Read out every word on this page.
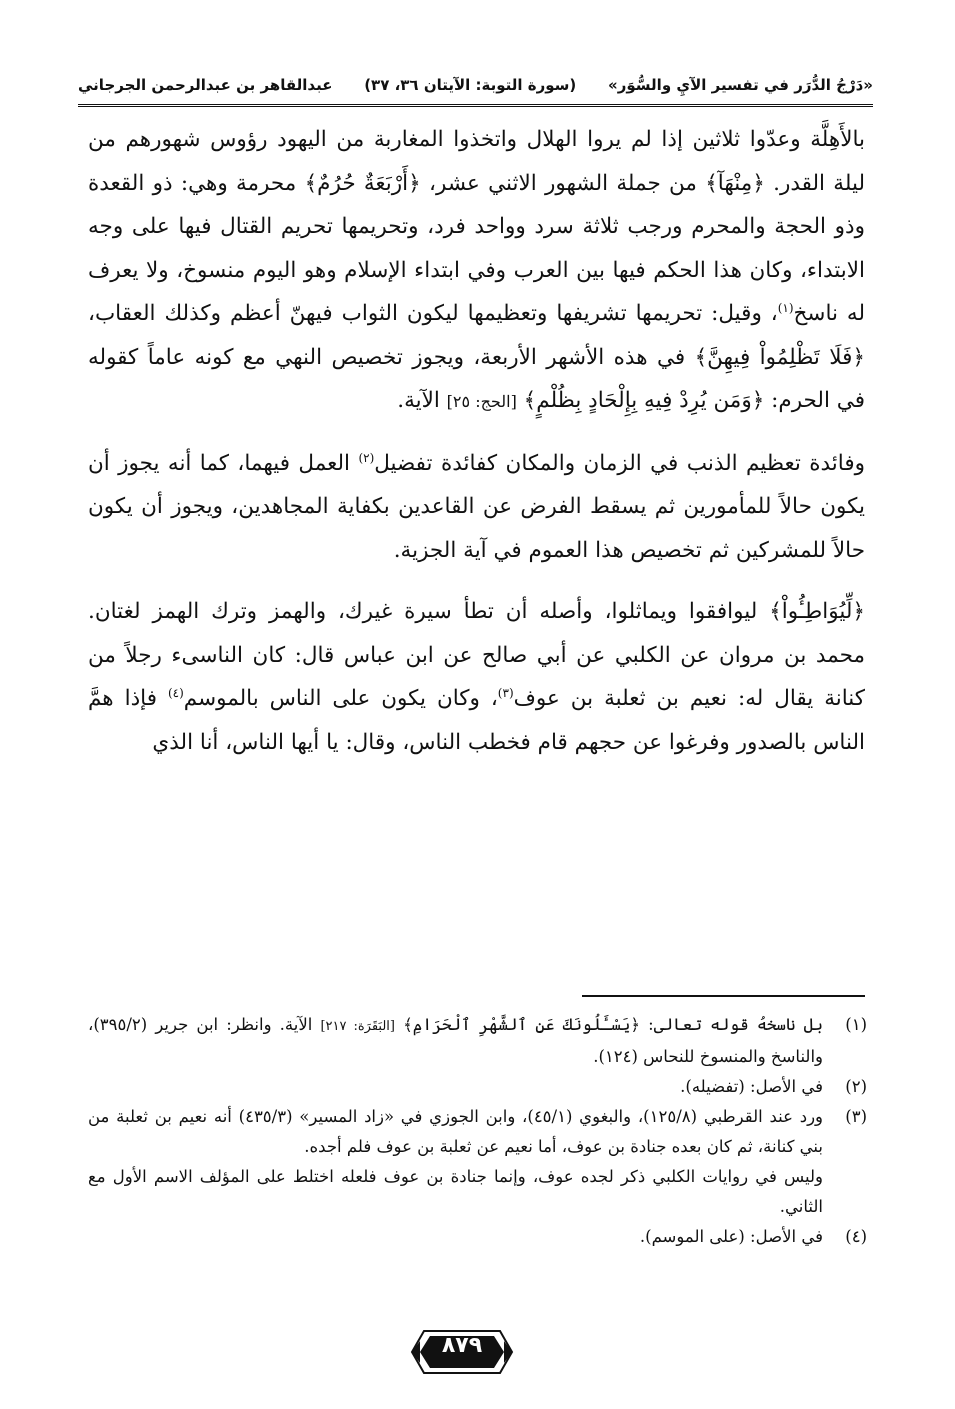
«دَرْجُ الدُّرَر في تفسير الآيِ والسُّوَر»
(سورة التوبة: الآيتان ٣٦، ٣٧)
عبدالقاهر بن عبدالرحمن الجرجاني

بالأَهِلَّة وعدّوا ثلاثين إذا لم يروا الهلال واتخذوا المغاربة من اليهود رؤوس شهورهم من ليلة القدر. ﴿مِنْهَآ﴾ من جملة الشهور الاثني عشر، ﴿أَرْبَعَةٌ حُرُمٌ﴾ محرمة وهي: ذو القعدة وذو الحجة والمحرم ورجب ثلاثة سرد وواحد فرد، وتحريمها تحريم القتال فيها على وجه الابتداء، وكان هذا الحكم فيها بين العرب وفي ابتداء الإسلام وهو اليوم منسوخ، ولا يعرف له ناسخ$^{(١)}$، وقيل: تحريمها تشريفها وتعظيمها ليكون الثواب فيهنّ أعظم وكذلك العقاب، ﴿فَلَا تَظْلِمُواْ فِيهِنَّ﴾ في هذه الأشهر الأربعة، ويجوز تخصيص النهي مع كونه عاماً كقوله في الحرم: ﴿وَمَن يُرِدْ فِيهِ بِإِلْحَادٍ بِظُلْمٍ﴾ [الحج: ٢٥] الآية.

وفائدة تعظيم الذنب في الزمان والمكان كفائدة تفضيل$^{(٢)}$ العمل فيهما، كما أنه يجوز أن يكون حالاً للمأمورين ثم يسقط الفرض عن القاعدين بكفاية المجاهدين، ويجوز أن يكون حالاً للمشركين ثم تخصيص هذا العموم في آية الجزية.

﴿لِّيُوَاطِـُٔواْ﴾ ليوافقوا ويماثلوا، وأصله أن تطأ سيرة غيرك، والهمز وترك الهمز لغتان. محمد بن مروان عن الكلبي عن أبي صالح عن ابن عباس قال: كان الناسىء رجلاً من كنانة يقال له: نعيم بن ثعلبة بن عوف$^{(٣)}$، وكان يكون على الناس بالموسم$^{(٤)}$ فإذا همَّ الناس بالصدور وفرغوا عن حجهم قام فخطب الناس، وقال: يا أيها الناس، أنا الذي

(١)
بل ناسخهُ قوله تعالى: ﴿يَسْـَٔلُونَكَ عَنِ ٱلشَّهْرِ ٱلْحَرَامِ﴾ [البَقَرَة: ٢١٧] الآية. وانظر: ابن جرير (٣٩٥/٢)، والناسخ والمنسوخ للنحاس (١٢٤).
(٢)
في الأصل: (تفضيله).
(٣)
ورد عند القرطبي (١٢٥/٨)، والبغوي (٤٥/١)، وابن الجوزي في «زاد المسير» (٤٣٥/٣) أنه نعيم بن ثعلبة من بني كنانة، ثم كان بعده جنادة بن عوف، أما نعيم عن ثعلبة بن عوف فلم أجده.
وليس في روايات الكلبي ذكر لجده عوف، وإنما جنادة بن عوف فلعله اختلط على المؤلف الاسم الأول مع الثاني.
(٤)
في الأصل: (على الموسم).
٨٧٩
